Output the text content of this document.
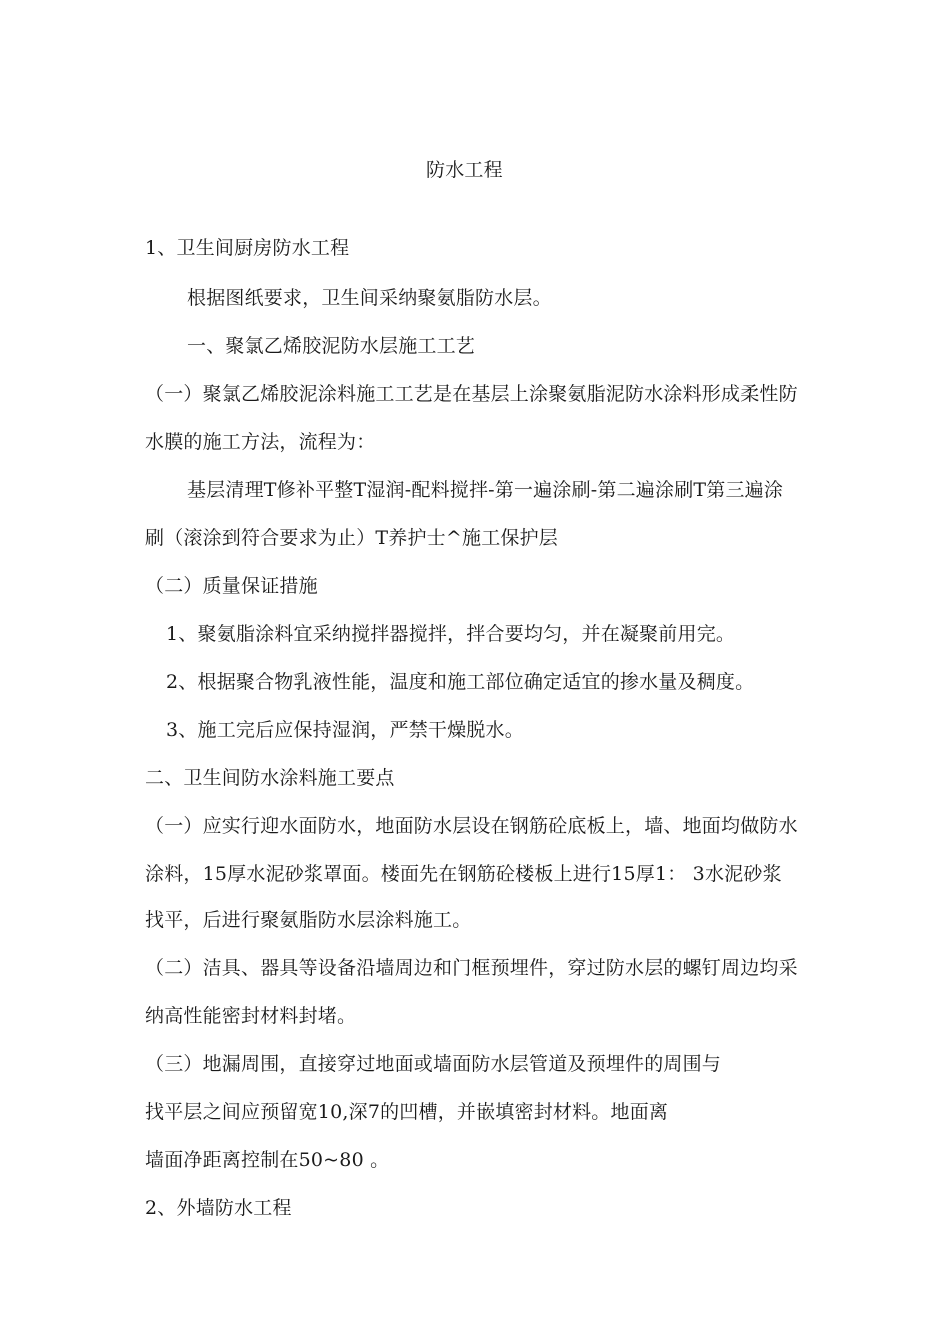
防水工程
1、卫生间厨房防水工程
根据图纸要求，卫生间采纳聚氨脂防水层。
一、聚氯乙烯胶泥防水层施工工艺
（一）聚氯乙烯胶泥涂料施工工艺是在基层上涂聚氨脂泥防水涂料形成柔性防
水膜的施工方法，流程为：
基层清理T修补平整T湿润-配料搅拌-第一遍涂刷-第二遍涂刷T第三遍涂
刷（滚涂到符合要求为止）T养护士^施工保护层
（二）质量保证措施
1、聚氨脂涂料宜采纳搅拌器搅拌，拌合要均匀，并在凝聚前用完。
2、根据聚合物乳液性能，温度和施工部位确定适宜的掺水量及稠度。
3、施工完后应保持湿润，严禁干燥脱水。
二、卫生间防水涂料施工要点
（一）应实行迎水面防水，地面防水层设在钢筋砼底板上，墙、地面均做防水
涂料，15厚水泥砂浆罩面。楼面先在钢筋砼楼板上进行15厚1： 3水泥砂浆
找平，后进行聚氨脂防水层涂料施工。
（二）洁具、器具等设备沿墙周边和门框预埋件，穿过防水层的螺钉周边均采
纳高性能密封材料封堵。
（三）地漏周围，直接穿过地面或墙面防水层管道及预埋件的周围与
找平层之间应预留宽10,深7的凹槽，并嵌填密封材料。地面离
墙面净距离控制在50~80 。
2、外墙防水工程
